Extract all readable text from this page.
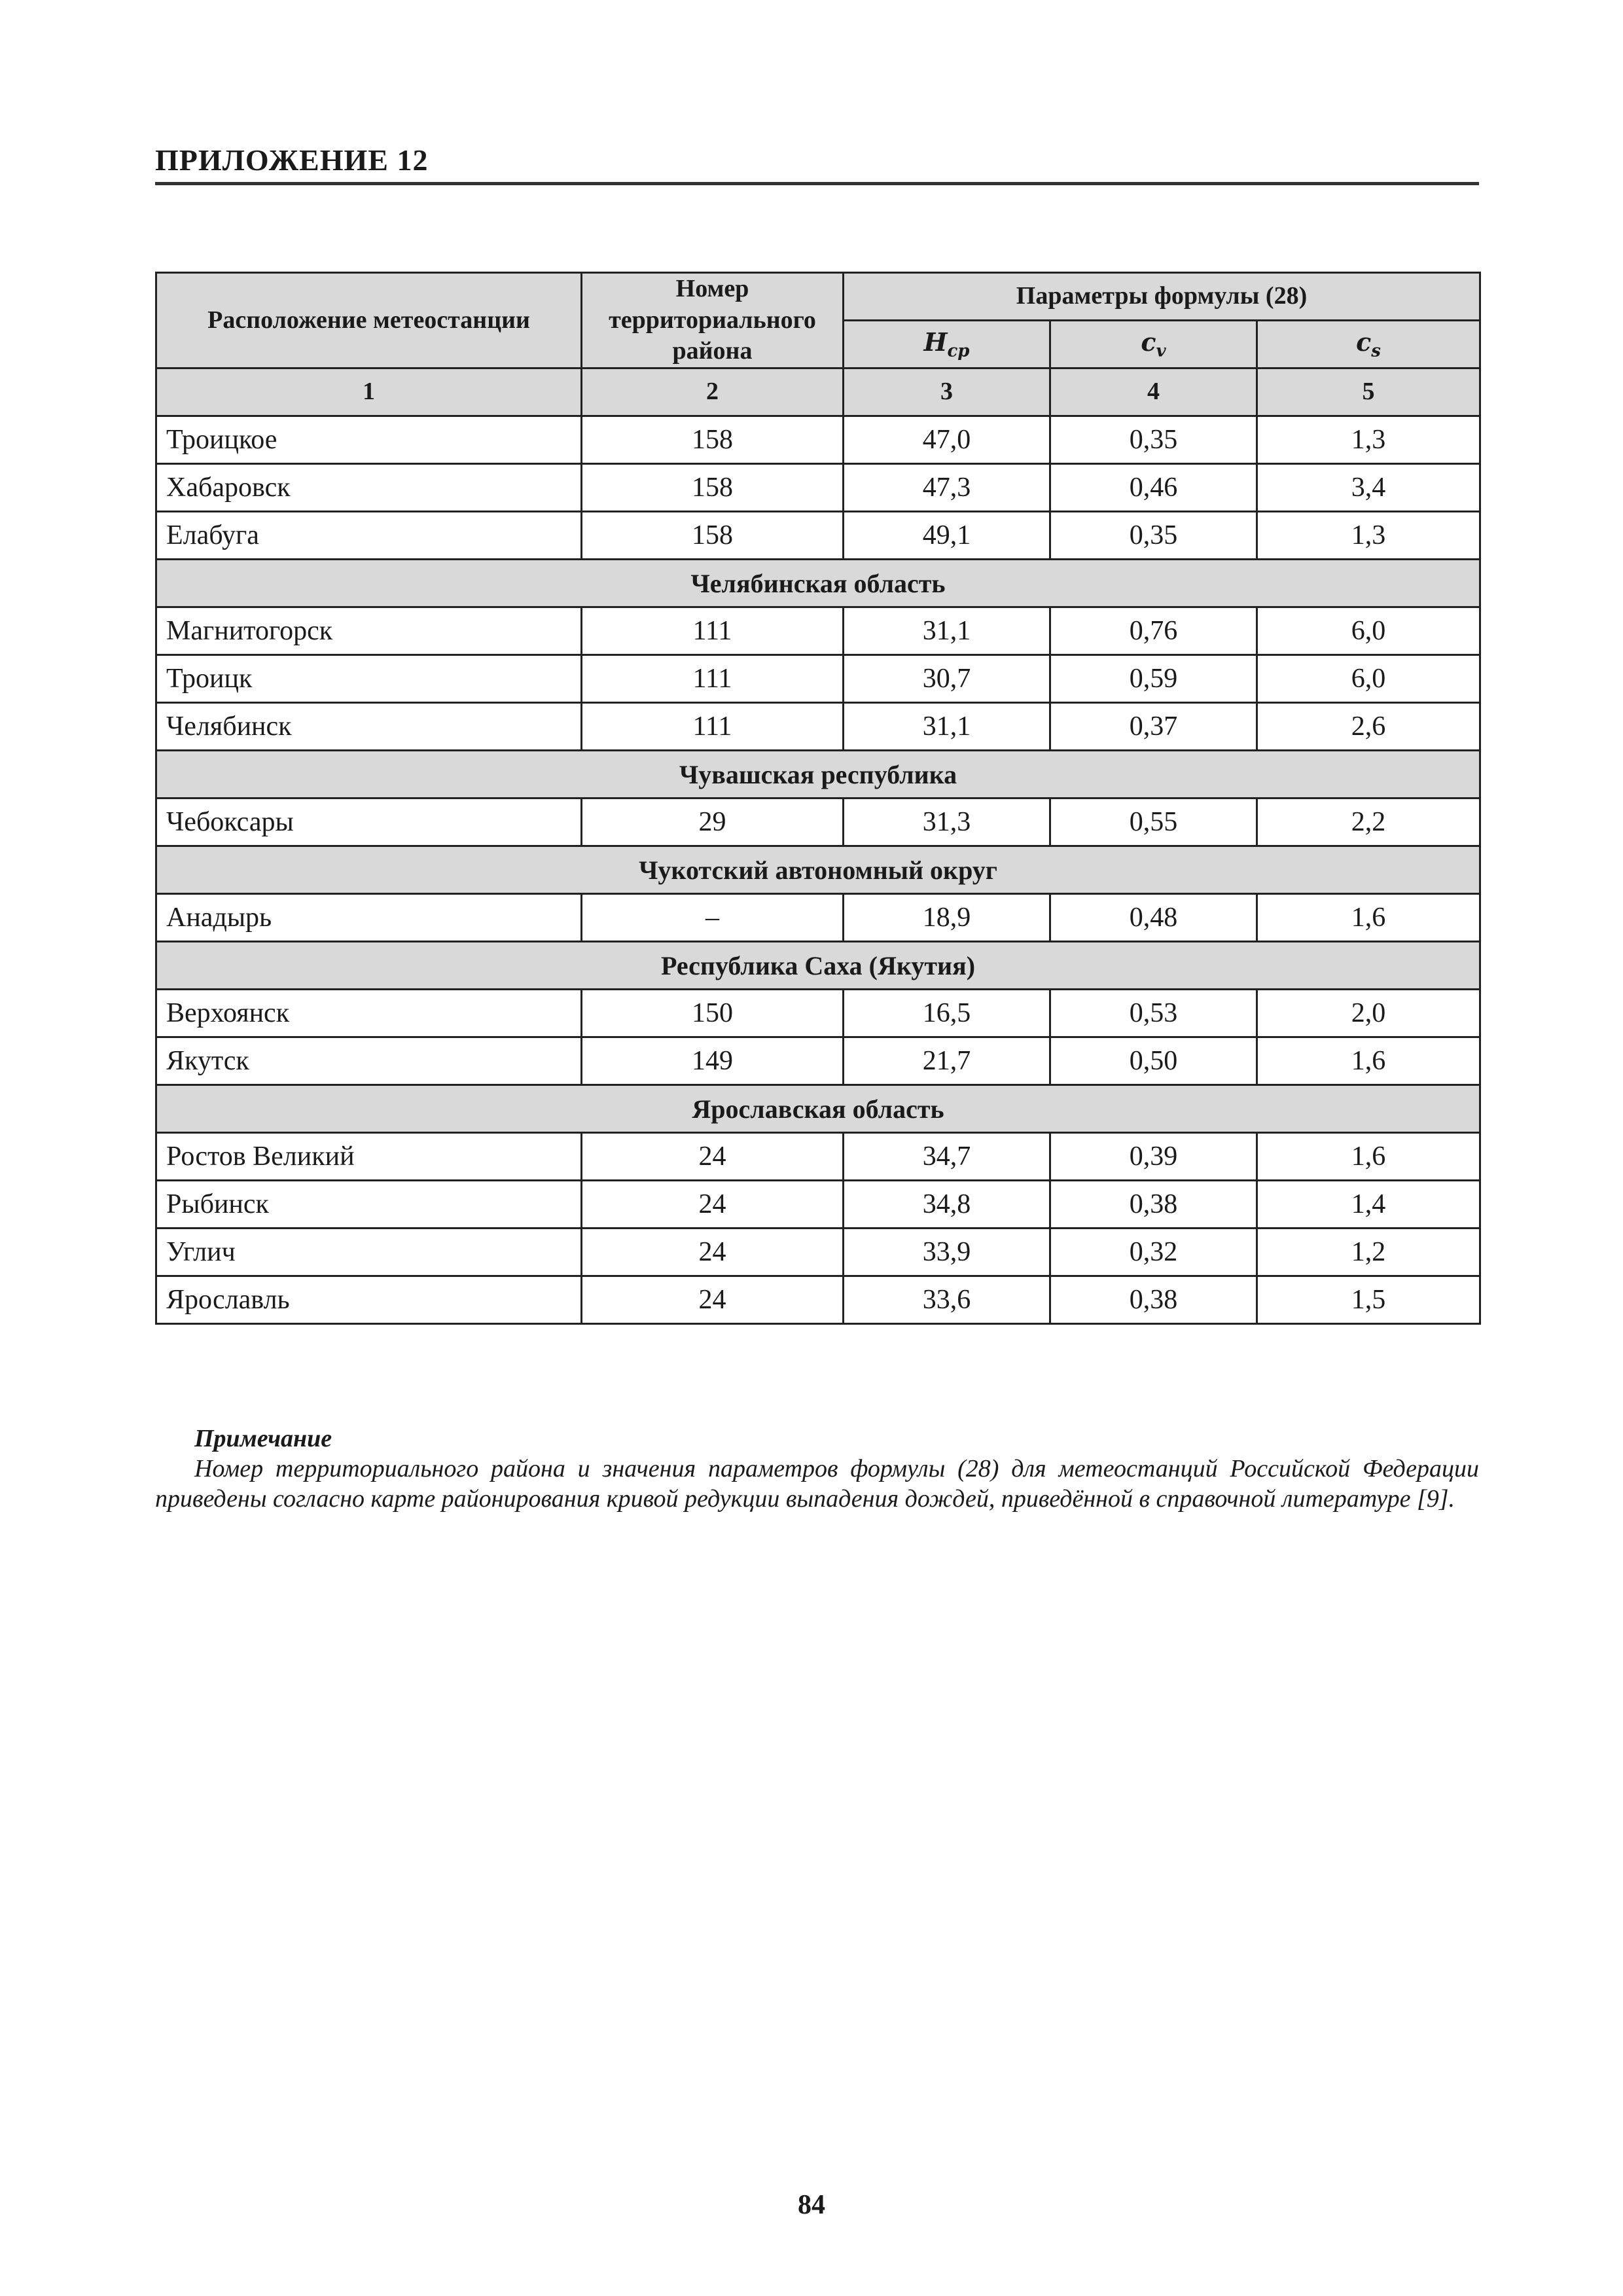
ПРИЛОЖЕНИЕ 12
Расположение метеостанции	Номер территориального района	Параметры формулы (28)		
		$H_{ср}$	$c_v$	$c_s$
1	2	3	4	5
Троицкое	158	47,0	0,35	1,3
Хабаровск	158	47,3	0,46	3,4
Елабуга	158	49,1	0,35	1,3
Челябинская область				
Магнитогорск	111	31,1	0,76	6,0
Троицк	111	30,7	0,59	6,0
Челябинск	111	31,1	0,37	2,6
Чувашская республика				
Чебоксары	29	31,3	0,55	2,2
Чукотский автономный округ				
Анадырь	–	18,9	0,48	1,6
Республика Саха (Якутия)				
Верхоянск	150	16,5	0,53	2,0
Якутск	149	21,7	0,50	1,6
Ярославская область				
Ростов Великий	24	34,7	0,39	1,6
Рыбинск	24	34,8	0,38	1,4
Углич	24	33,9	0,32	1,2
Ярославль	24	33,6	0,38	1,5
Примечание

Номер территориального района и значения параметров формулы (28) для метеостанций Российской Федерации приведены согласно карте районирования кривой редукции выпадения дождей, приведённой в справочной литературе [9].

84
